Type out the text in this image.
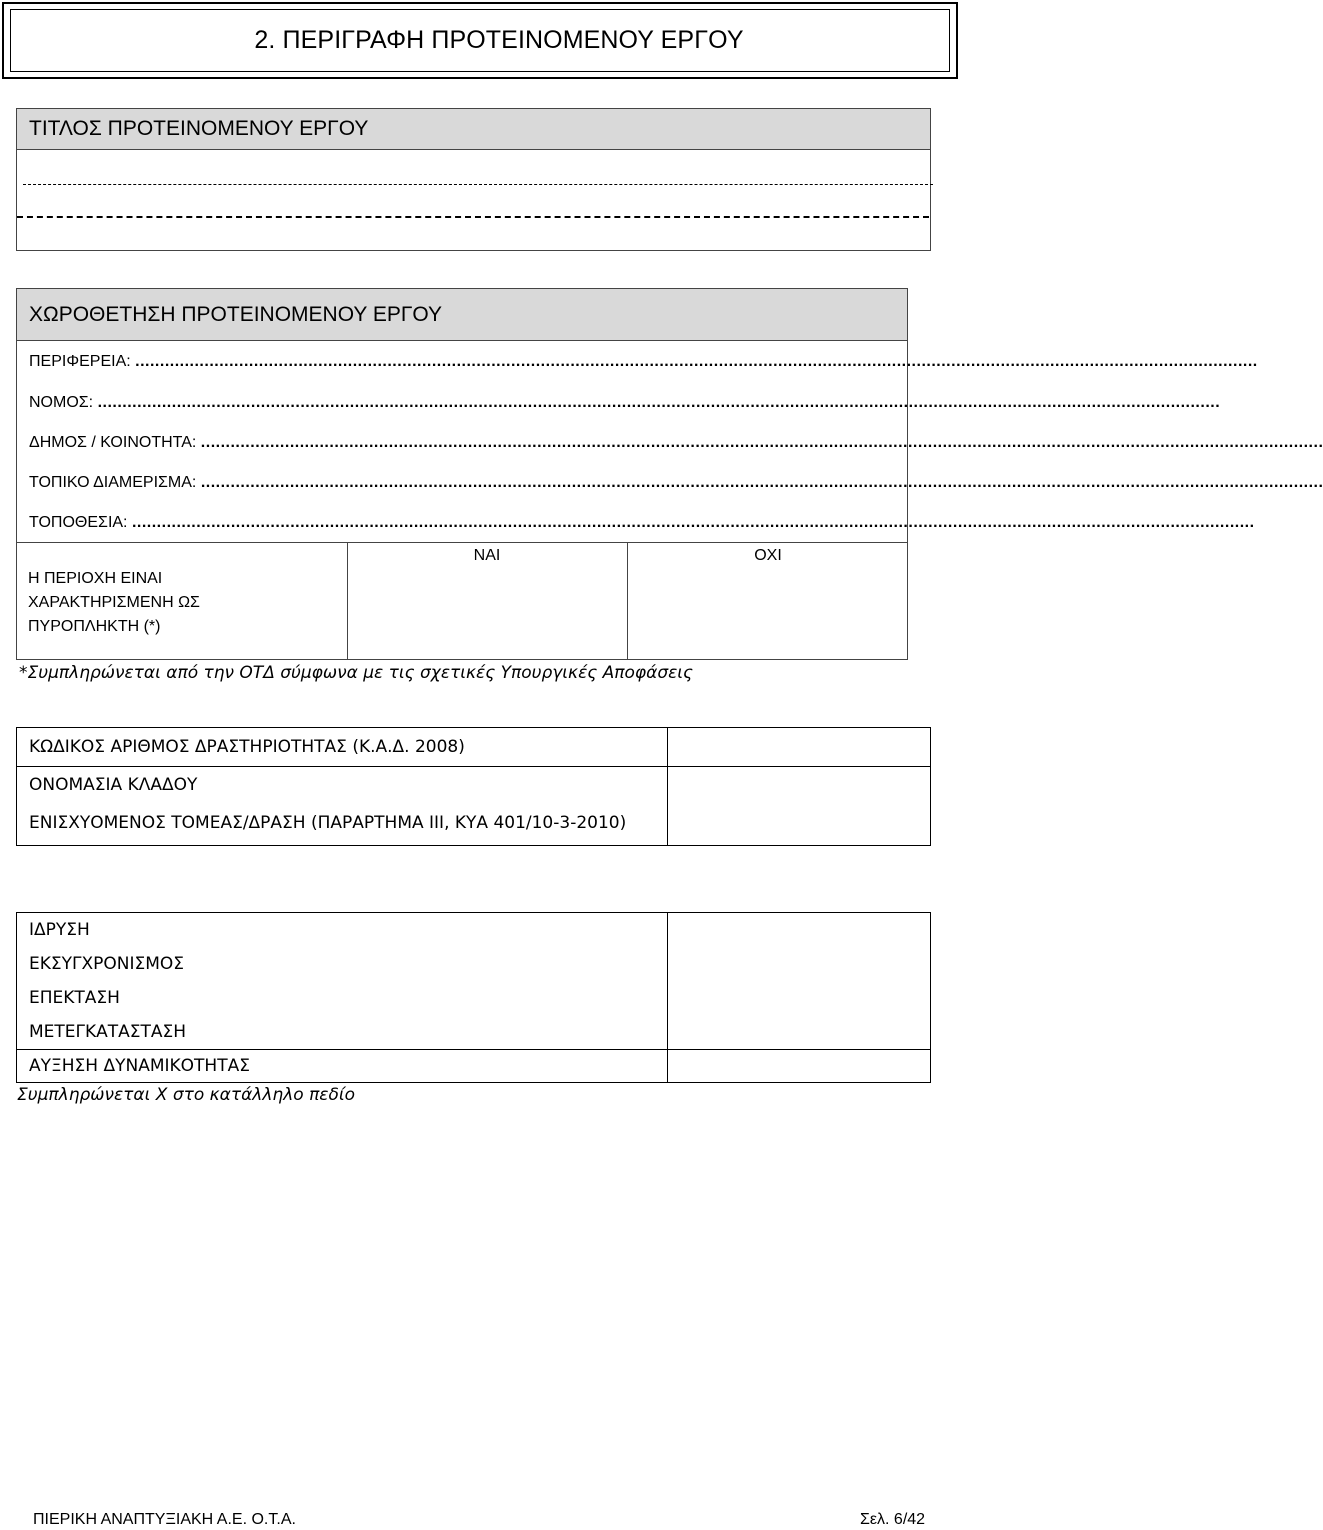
2. ΠΕΡΙΓΡΑΦΗ ΠΡΟΤΕΙΝΟΜΕΝΟΥ ΕΡΓΟΥ
ΤΙΤΛΟΣ ΠΡΟΤΕΙΝΟΜΕΝΟΥ ΕΡΓΟΥ
ΧΩΡΟΘΕΤΗΣΗ ΠΡΟΤΕΙΝΟΜΕΝΟΥ ΕΡΓΟΥ
ΠΕΡΙΦΕΡΕΙΑ: ...................................................................................................................................................................................................................................
ΝΟΜΟΣ: ...................................................................................................................................................................................................................................
ΔΗΜΟΣ / ΚΟΙΝΟΤΗΤΑ: ...................................................................................................................................................................................................................................
ΤΟΠΙΚΟ ΔΙΑΜΕΡΙΣΜΑ: ...................................................................................................................................................................................................................................
ΤΟΠΟΘΕΣΙΑ: ...................................................................................................................................................................................................................................
Η ΠΕΡΙΟΧΗ ΕΙΝΑΙ ΧΑΡΑΚΤΗΡΙΣΜΕΝΗ ΩΣ ΠΥΡΟΠΛΗΚΤΗ (*)
ΝΑΙ	ΟΧΙ
*Συμπληρώνεται από την ΟΤΔ σύμφωνα με τις σχετικές Υπουργικές Αποφάσεις
ΚΩΔΙΚΟΣ ΑΡΙΘΜΟΣ ΔΡΑΣΤΗΡΙΟΤΗΤΑΣ (Κ.Α.Δ. 2008)
ΟΝΟΜΑΣΙΑ ΚΛΑΔΟΥ
ΕΝΙΣΧΥΟΜΕΝΟΣ ΤΟΜΕΑΣ/ΔΡΑΣΗ (ΠΑΡΑΡΤΗΜΑ ΙΙΙ, ΚΥΑ 401/10-3-2010)
ΙΔΡΥΣΗ
ΕΚΣΥΓΧΡΟΝΙΣΜΟΣ
ΕΠΕΚΤΑΣΗ
ΜΕΤΕΓΚΑΤΑΣΤΑΣΗ
ΑΥΞΗΣΗ ΔΥΝΑΜΙΚΟΤΗΤΑΣ
Συμπληρώνεται Χ στο κατάλληλο πεδίο
ΠΙΕΡΙΚΗ ΑΝΑΠΤΥΞΙΑΚΗ Α.Ε. Ο.Τ.Α.	Σελ. 6/42
